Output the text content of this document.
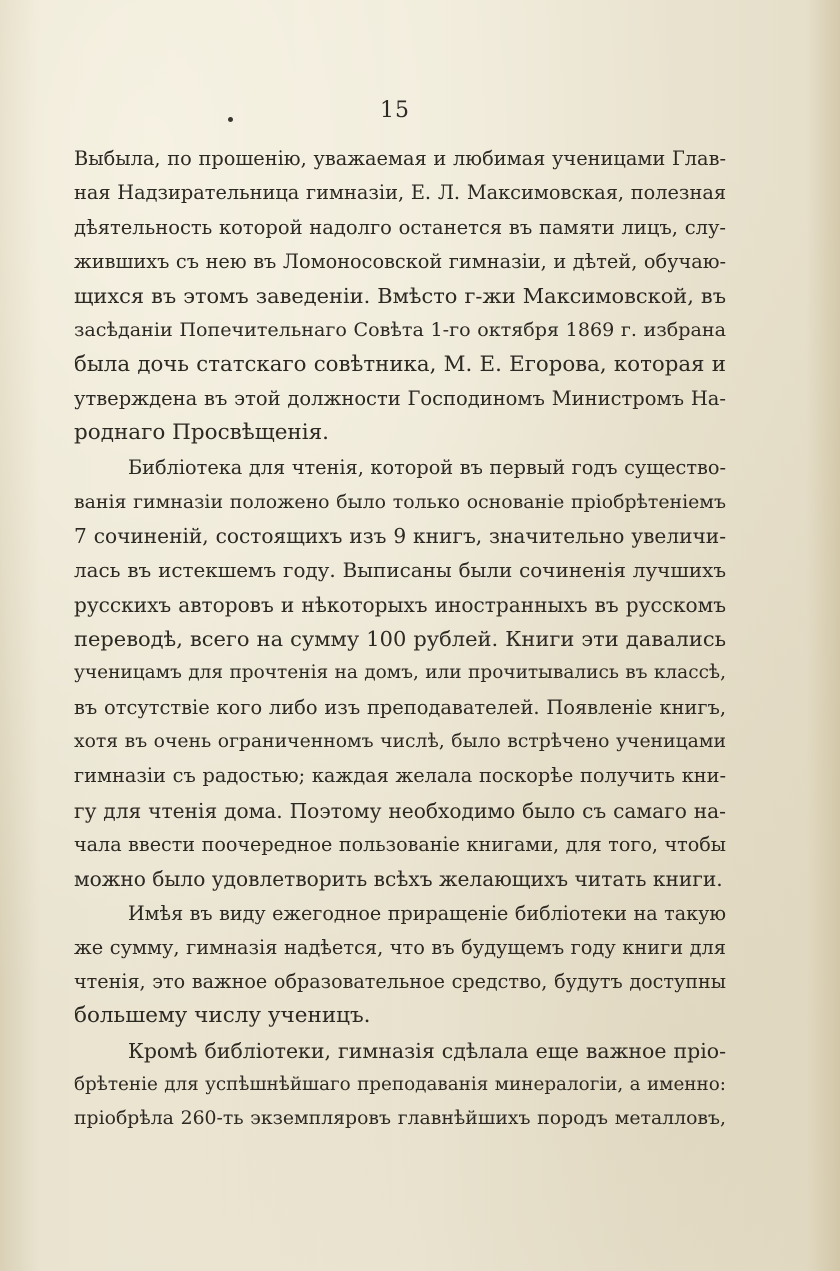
15

Выбыла, по прошенію, уважаемая и любимая ученицами Глав-
ная Надзирательница гимназіи, Е. Л. Максимовская, полезная
дѣятельность которой надолго останется въ памяти лицъ, слу-
жившихъ съ нею въ Ломоносовской гимназіи, и дѣтей, обучаю-
щихся въ этомъ заведеніи. Вмѣсто г-жи Максимовской, въ
засѣданіи Попечительнаго Совѣта 1-го октября 1869 г. избрана
была дочь статскаго совѣтника, М. Е. Егорова, которая и
утверждена въ этой должности Господиномъ Министромъ На-
роднаго Просвѣщенія.

Библіотека для чтенія, которой въ первый годъ существо-
ванія гимназіи положено было только основаніе пріобрѣтеніемъ
7 сочиненій, состоящихъ изъ 9 книгъ, значительно увеличи-
лась въ истекшемъ году. Выписаны были сочиненія лучшихъ
русскихъ авторовъ и нѣкоторыхъ иностранныхъ въ русскомъ
переводѣ, всего на сумму 100 рублей. Книги эти давались
ученицамъ для прочтенія на домъ, или прочитывались въ классѣ,
въ отсутствіе кого либо изъ преподавателей. Появленіе книгъ,
хотя въ очень ограниченномъ числѣ, было встрѣчено ученицами
гимназіи съ радостью; каждая желала поскорѣе получить кни-
гу для чтенія дома. Поэтому необходимо было съ самаго на-
чала ввести поочередное пользованіе книгами, для того, чтобы
можно было удовлетворить всѣхъ желающихъ читать книги.

Имѣя въ виду ежегодное приращеніе библіотеки на такую
же сумму, гимназія надѣется, что въ будущемъ году книги для
чтенія, это важное образовательное средство, будутъ доступны
большему числу ученицъ.

Кромѣ библіотеки, гимназія сдѣлала еще важное пріо-
брѣтеніе для успѣшнѣйшаго преподаванія минералогіи, а именно:
пріобрѣла 260-ть экземпляровъ главнѣйшихъ породъ металловъ,
